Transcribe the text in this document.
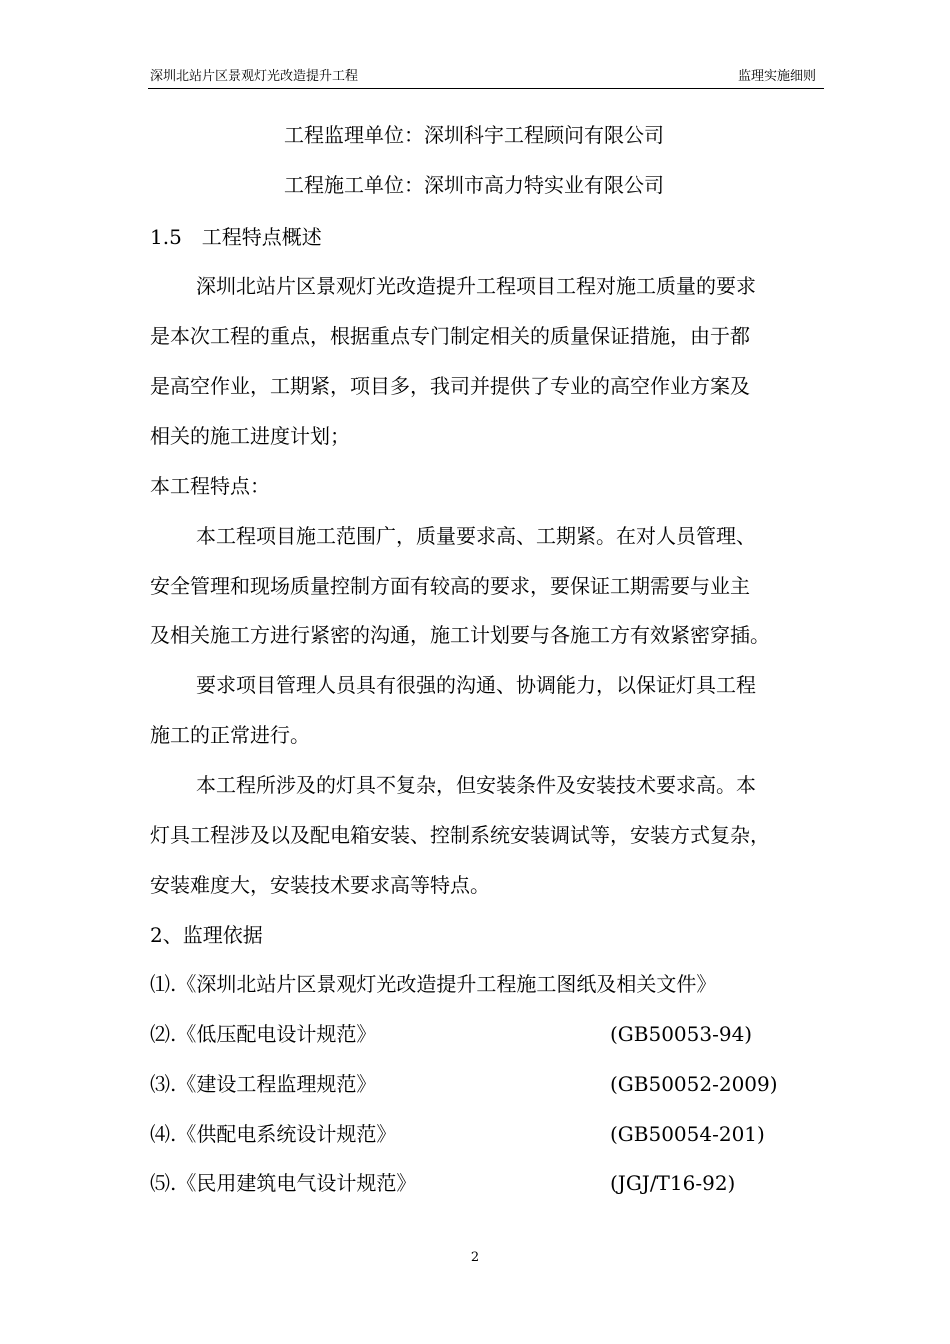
深圳北站片区景观灯光改造提升工程	监理实施细则
工程监理单位：深圳科宇工程顾问有限公司
工程施工单位：深圳市高力特实业有限公司
1.5　工程特点概述
深圳北站片区景观灯光改造提升工程项目工程对施工质量的要求
是本次工程的重点，根据重点专门制定相关的质量保证措施，由于都
是高空作业，工期紧，项目多，我司并提供了专业的高空作业方案及
相关的施工进度计划；
本工程特点：
本工程项目施工范围广，质量要求高、工期紧。在对人员管理、
安全管理和现场质量控制方面有较高的要求，要保证工期需要与业主
及相关施工方进行紧密的沟通，施工计划要与各施工方有效紧密穿插。
要求项目管理人员具有很强的沟通、协调能力，以保证灯具工程
施工的正常进行。
本工程所涉及的灯具不复杂，但安装条件及安装技术要求高。本
灯具工程涉及以及配电箱安装、控制系统安装调试等，安装方式复杂，
安装难度大，安装技术要求高等特点。
2、监理依据
⑴.《深圳北站片区景观灯光改造提升工程施工图纸及相关文件》
⑵.《低压配电设计规范》	(GB50053-94)
⑶.《建设工程监理规范》	(GB50052-2009)
⑷.《供配电系统设计规范》	(GB50054-201)
⑸.《民用建筑电气设计规范》	(JGJ/T16-92)
2
